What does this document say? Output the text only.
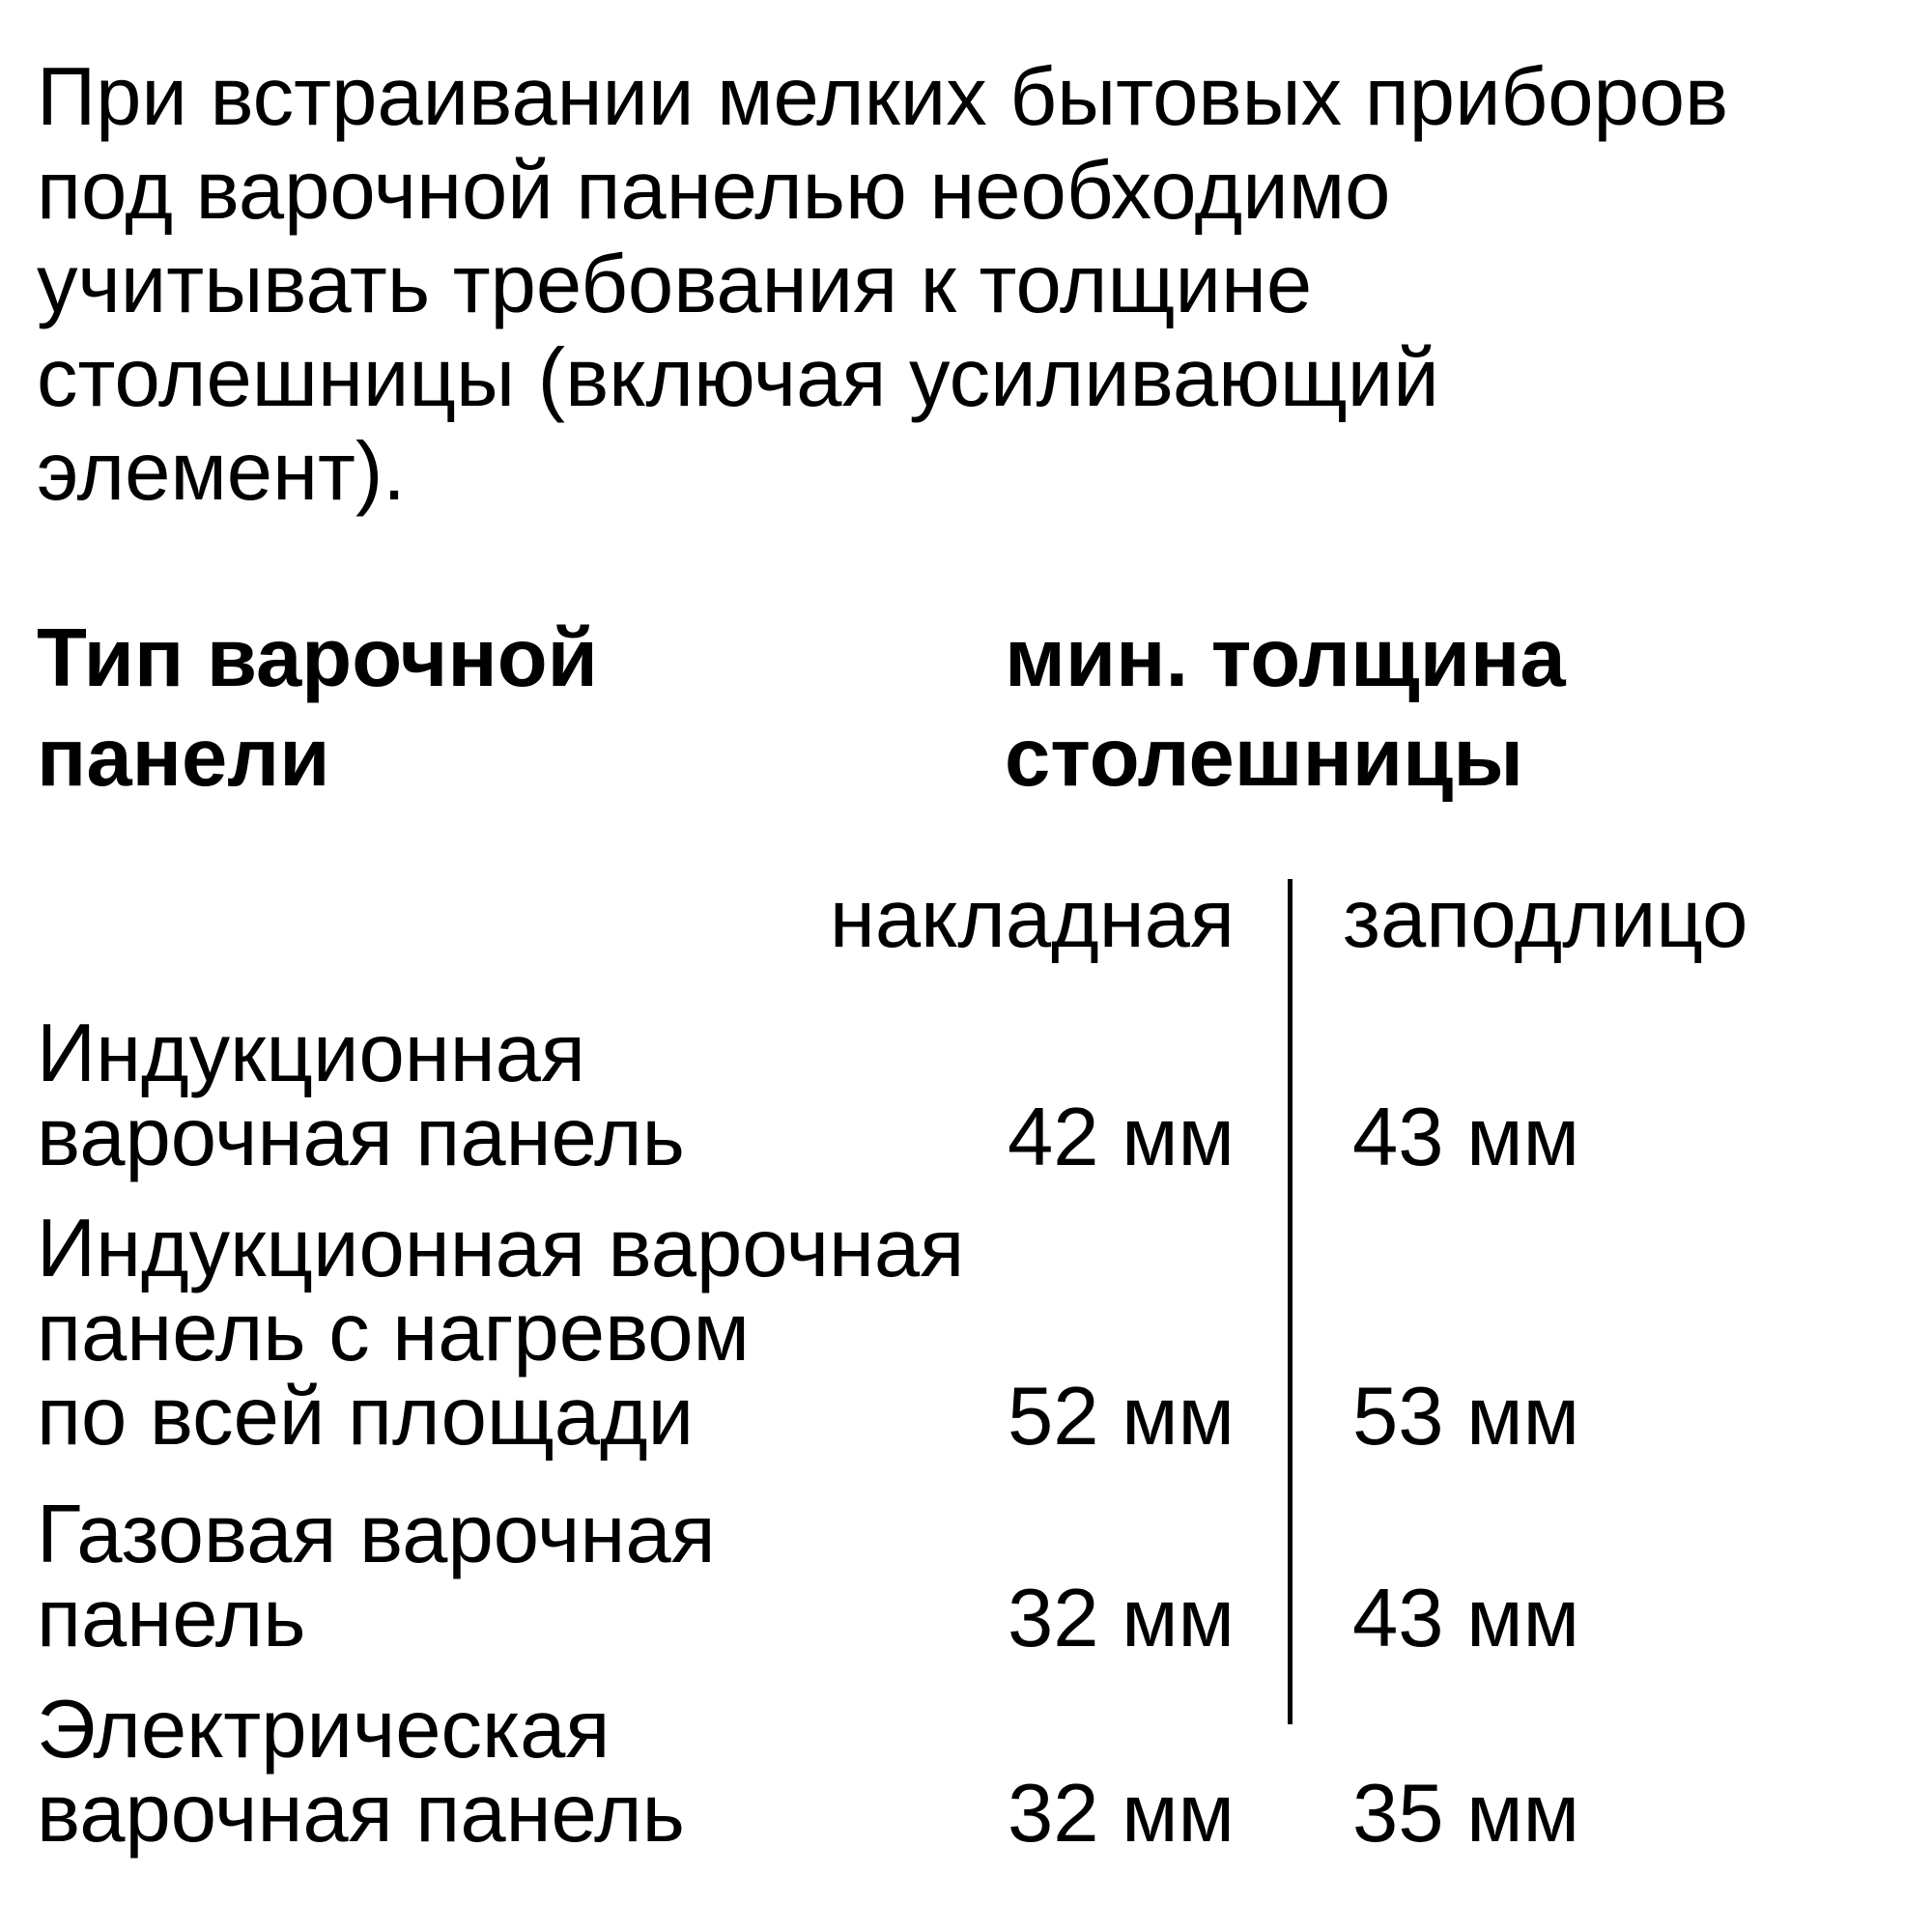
При встраивании мелких бытовых приборов
под варочной панелью необходимо
учитывать требования к толщине
столешницы (включая усиливающий
элемент).

Тип варочной
панели
мин. толщина
столешницы
накладная заподлицо
Индукционная
варочная панель	42 мм 43 мм
Индукционная варочная
панель с нагревом
по всей площади	52 мм 53 мм
Газовая варочная
панель	32 мм 43 мм
Электрическая
варочная панель	32 мм 35 мм
